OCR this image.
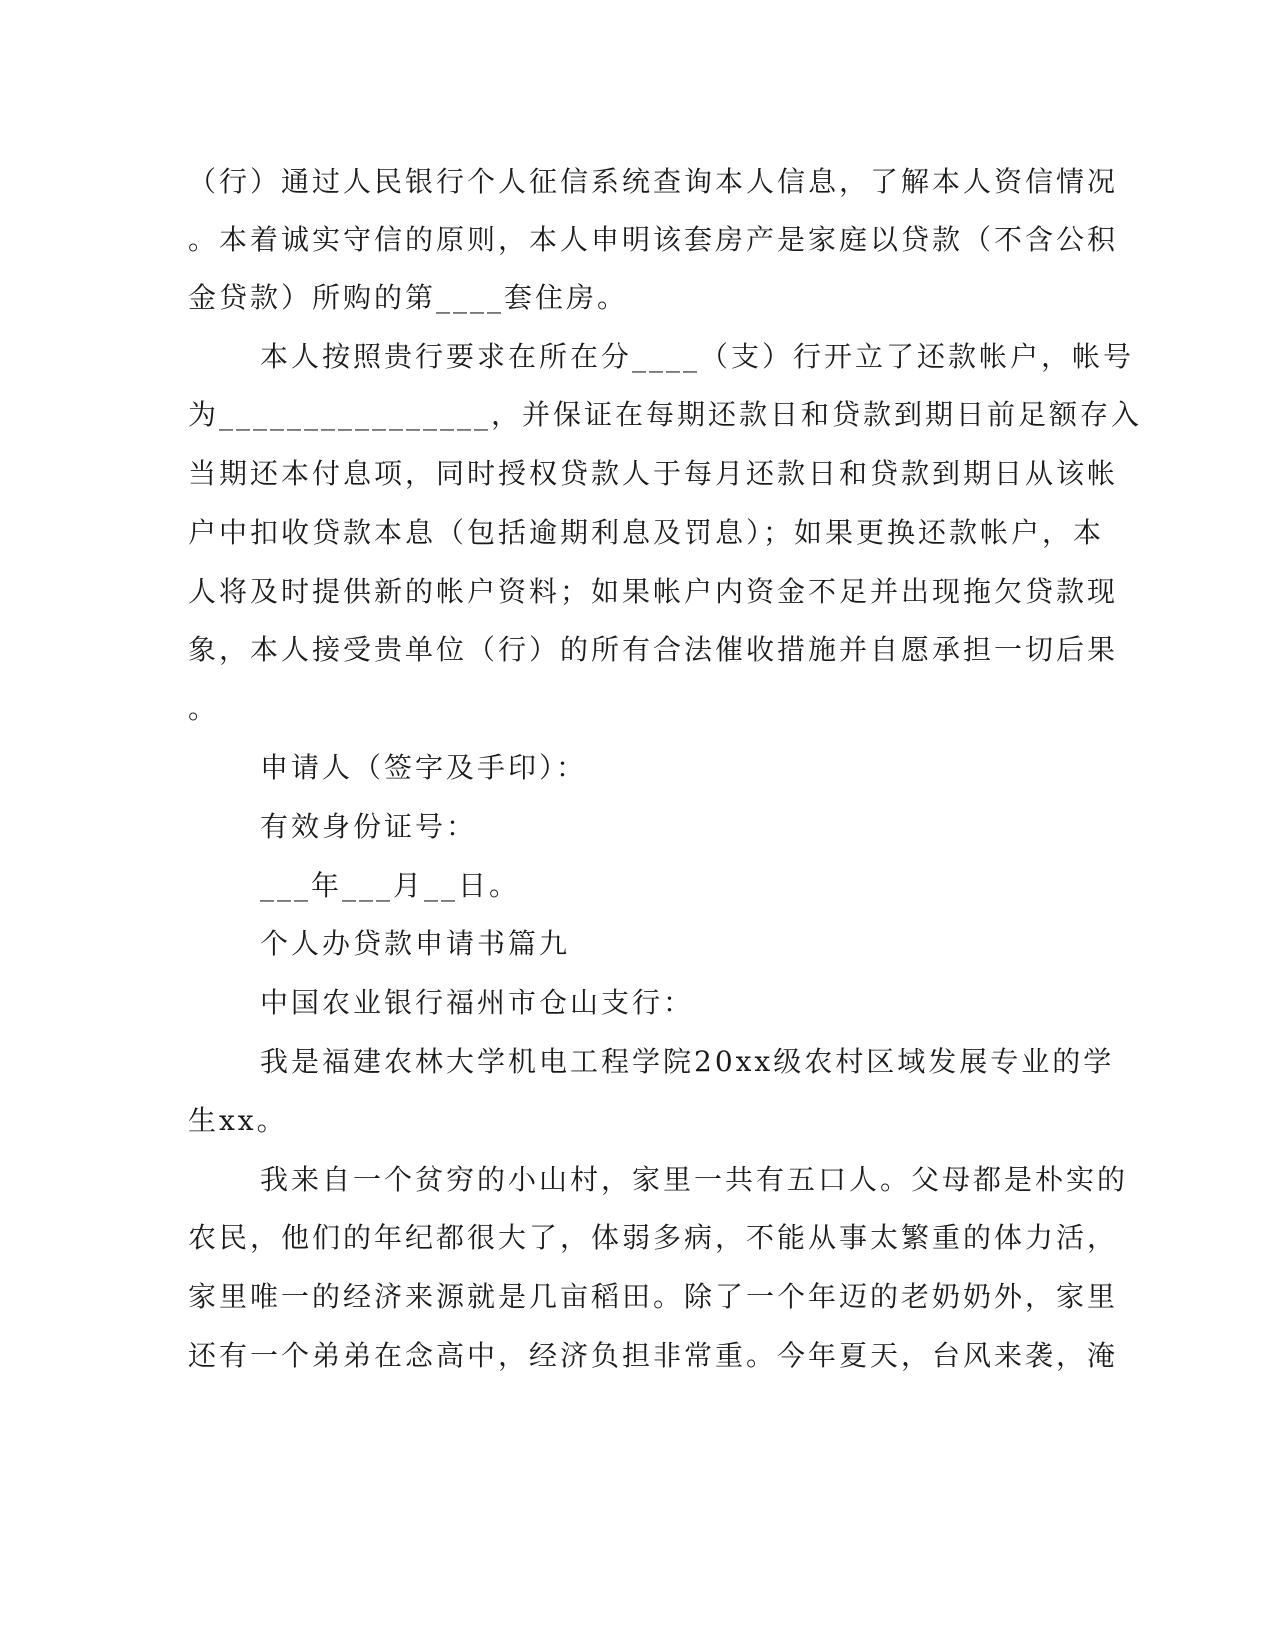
（行）通过人民银行个人征信系统查询本人信息，了解本人资信情况
。本着诚实守信的原则，本人申明该套房产是家庭以贷款（不含公积
金贷款）所购的第____套住房。
本人按照贵行要求在所在分____（支）行开立了还款帐户，帐号
为________________，并保证在每期还款日和贷款到期日前足额存入
当期还本付息项，同时授权贷款人于每月还款日和贷款到期日从该帐
户中扣收贷款本息（包括逾期利息及罚息）；如果更换还款帐户，本
人将及时提供新的帐户资料；如果帐户内资金不足并出现拖欠贷款现
象，本人接受贵单位（行）的所有合法催收措施并自愿承担一切后果
。
申请人（签字及手印）：
有效身份证号：
___年___月__日。
个人办贷款申请书篇九
中国农业银行福州市仓山支行：
我是福建农林大学机电工程学院20xx级农村区域发展专业的学
生xx。
我来自一个贫穷的小山村，家里一共有五口人。父母都是朴实的
农民，他们的年纪都很大了，体弱多病，不能从事太繁重的体力活，
家里唯一的经济来源就是几亩稻田。除了一个年迈的老奶奶外，家里
还有一个弟弟在念高中，经济负担非常重。今年夏天，台风来袭，淹
